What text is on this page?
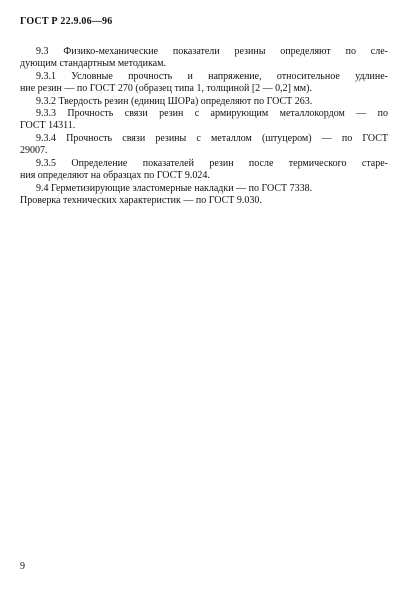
ГОСТ Р 22.9.06—96
9.3 Физико-механические показатели резины определяют по сле-
дующим стандартным методикам.
9.3.1 Условные прочность и напряжение, относительное удлине-
ние резин — по ГОСТ 270 (образец типа 1, толщиной [2 — 0,2] мм).
9.3.2 Твердость резин (единиц ШОРа) определяют по ГОСТ 263.
9.3.3 Прочность связи резин с армирующим металлокордом — по
ГОСТ 14311.
9.3.4 Прочность связи резины с металлом (штуцером) — по ГОСТ
29007.
9.3.5 Определение показателей резин после термического старе-
ния определяют на образцах по ГОСТ 9.024.
9.4 Герметизирующие эластомерные накладки — по ГОСТ 7338.
Проверка технических характеристик — по ГОСТ 9.030.
9
